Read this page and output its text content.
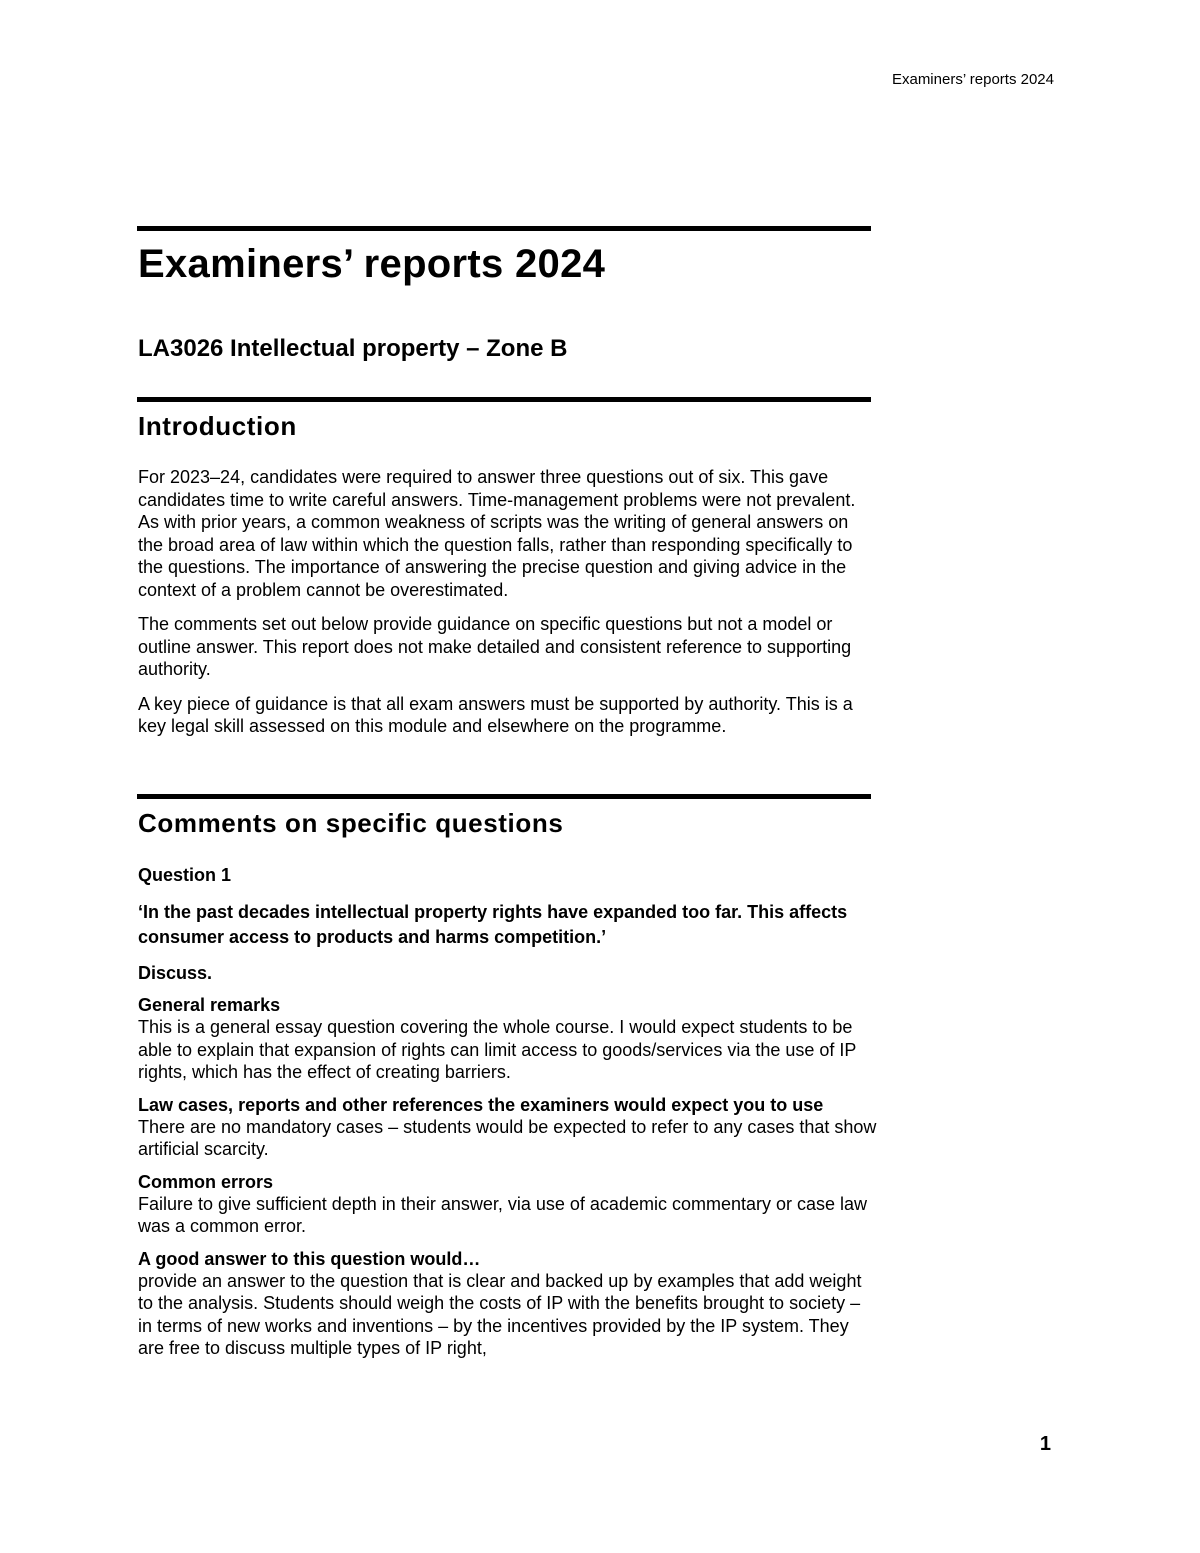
Examiners’ reports 2024
Examiners’ reports 2024
LA3026 Intellectual property – Zone B
Introduction

For 2023–24, candidates were required to answer three questions out of six. This gave candidates time to write careful answers. Time-management problems were not prevalent. As with prior years, a common weakness of scripts was the writing of general answers on the broad area of law within which the question falls, rather than responding specifically to the questions. The importance of answering the precise question and giving advice in the context of a problem cannot be overestimated.

The comments set out below provide guidance on specific questions but not a model or outline answer. This report does not make detailed and consistent reference to supporting authority.

A key piece of guidance is that all exam answers must be supported by authority. This is a key legal skill assessed on this module and elsewhere on the programme.

Comments on specific questions

Question 1

‘In the past decades intellectual property rights have expanded too far. This affects consumer access to products and harms competition.’

Discuss.

General remarks

This is a general essay question covering the whole course. I would expect students to be able to explain that expansion of rights can limit access to goods/services via the use of IP rights, which has the effect of creating barriers.

Law cases, reports and other references the examiners would expect you to use

There are no mandatory cases – students would be expected to refer to any cases that show artificial scarcity.

Common errors

Failure to give sufficient depth in their answer, via use of academic commentary or case law was a common error.

A good answer to this question would…

provide an answer to the question that is clear and backed up by examples that add weight to the analysis. Students should weigh the costs of IP with the benefits brought to society – in terms of new works and inventions – by the incentives provided by the IP system. They are free to discuss multiple types of IP right,

1
